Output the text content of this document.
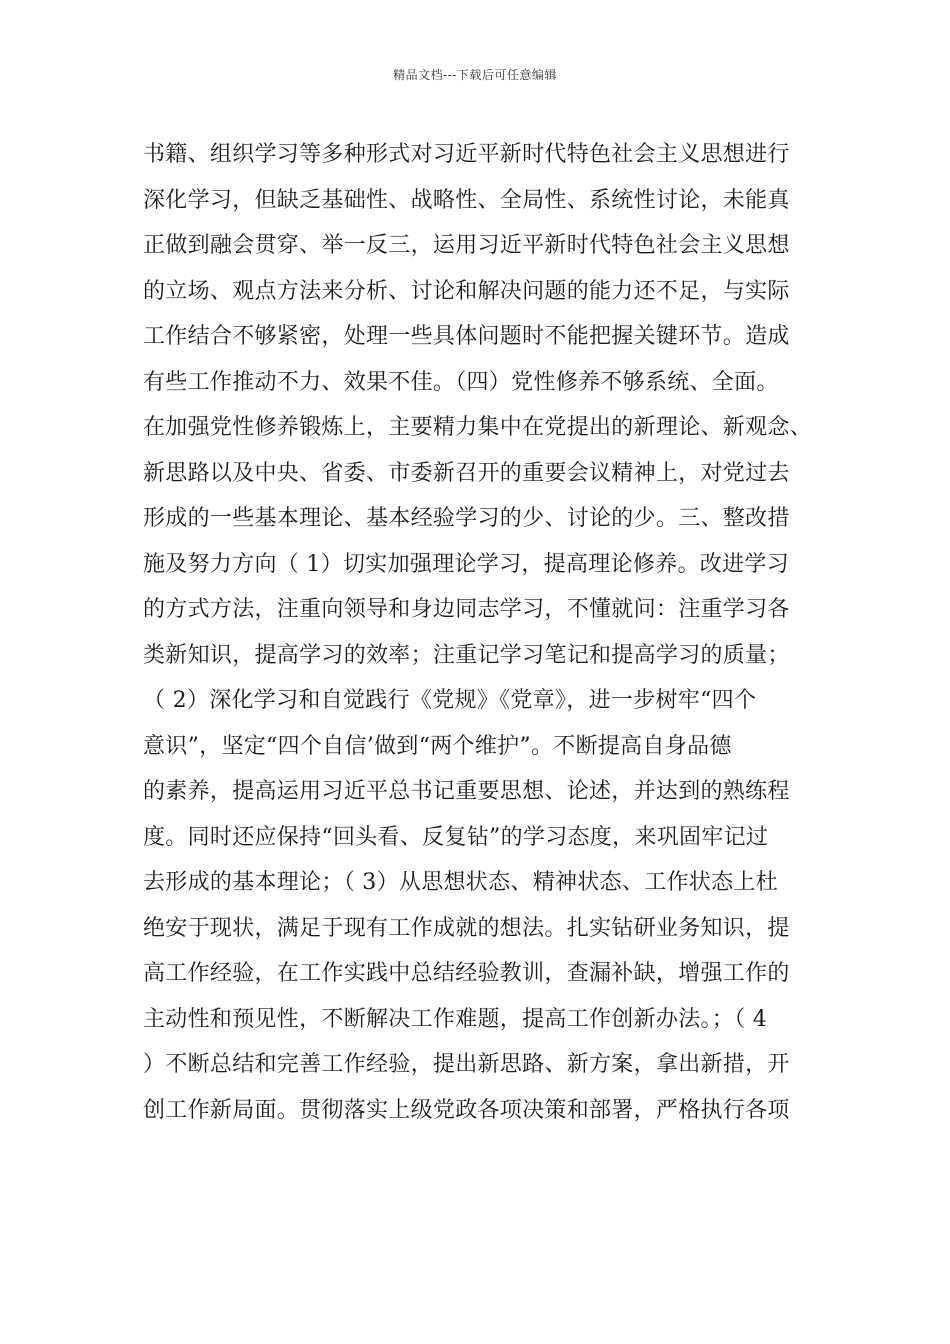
精品文档---下载后可任意编辑
书籍、组织学习等多种形式对习近平新时代特色社会主义思想进行
深化学习，但缺乏基础性、战略性、全局性、系统性讨论，未能真
正做到融会贯穿、举一反三，运用习近平新时代特色社会主义思想
的立场、观点方法来分析、讨论和解决问题的能力还不足，与实际
工作结合不够紧密，处理一些具体问题时不能把握关键环节。造成
有些工作推动不力、效果不佳。（四）党性修养不够系统、全面。
在加强党性修养锻炼上，主要精力集中在党提出的新理论、新观念、
新思路以及中央、省委、市委新召开的重要会议精神上，对党过去
形成的一些基本理论、基本经验学习的少、讨论的少。三、整改措
施及努力方向（ 1）切实加强理论学习，提高理论修养。改进学习
的方式方法，注重向领导和身边同志学习，不懂就问：注重学习各
类新知识，提高学习的效率；注重记学习笔记和提高学习的质量；
（ 2）深化学习和自觉践行《党规》《党章》，进一步树牢“四个
意识”，坚定“四个自信’做到“两个维护”。不断提高自身品德
的素养，提高运用习近平总书记重要思想、论述，并达到的熟练程
度。同时还应保持“回头看、反复钻”的学习态度，来巩固牢记过
去形成的基本理论；（ 3）从思想状态、精神状态、工作状态上杜
绝安于现状，满足于现有工作成就的想法。扎实钻研业务知识，提
高工作经验，在工作实践中总结经验教训，查漏补缺，增强工作的
主动性和预见性，不断解决工作难题，提高工作创新办法。；（ 4
）不断总结和完善工作经验，提出新思路、新方案，拿出新措，开
创工作新局面。贯彻落实上级党政各项决策和部署，严格执行各项
